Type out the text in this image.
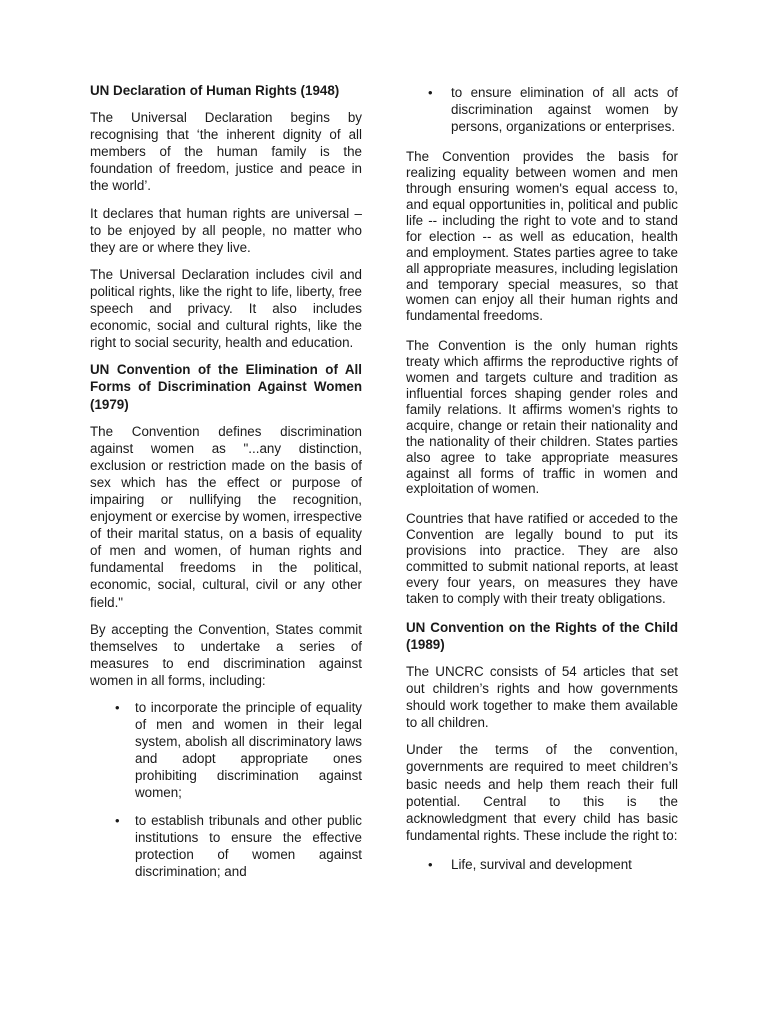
UN Declaration of Human Rights (1948)
The Universal Declaration begins by recognising that ‘the inherent dignity of all members of the human family is the foundation of freedom, justice and peace in the world’.
It declares that human rights are universal – to be enjoyed by all people, no matter who they are or where they live.
The Universal Declaration includes civil and political rights, like the right to life, liberty, free speech and privacy. It also includes economic, social and cultural rights, like the right to social security, health and education.
UN Convention of the Elimination of All Forms of Discrimination Against Women (1979)
The Convention defines discrimination against women as "...any distinction, exclusion or restriction made on the basis of sex which has the effect or purpose of impairing or nullifying the recognition, enjoyment or exercise by women, irrespective of their marital status, on a basis of equality of men and women, of human rights and fundamental freedoms in the political, economic, social, cultural, civil or any other field."
By accepting the Convention, States commit themselves to undertake a series of measures to end discrimination against women in all forms, including:
• to incorporate the principle of equality of men and women in their legal system, abolish all discriminatory laws and adopt appropriate ones prohibiting discrimination against women;
• to establish tribunals and other public institutions to ensure the effective protection of women against discrimination; and
• to ensure elimination of all acts of discrimination against women by persons, organizations or enterprises.
The Convention provides the basis for realizing equality between women and men through ensuring women's equal access to, and equal opportunities in, political and public life -- including the right to vote and to stand for election -- as well as education, health and employment. States parties agree to take all appropriate measures, including legislation and temporary special measures, so that women can enjoy all their human rights and fundamental freedoms.
The Convention is the only human rights treaty which affirms the reproductive rights of women and targets culture and tradition as influential forces shaping gender roles and family relations. It affirms women's rights to acquire, change or retain their nationality and the nationality of their children. States parties also agree to take appropriate measures against all forms of traffic in women and exploitation of women.
Countries that have ratified or acceded to the Convention are legally bound to put its provisions into practice. They are also committed to submit national reports, at least every four years, on measures they have taken to comply with their treaty obligations.
UN Convention on the Rights of the Child (1989)
The UNCRC consists of 54 articles that set out children’s rights and how governments should work together to make them available to all children.
Under the terms of the convention, governments are required to meet children’s basic needs and help them reach their full potential. Central to this is the acknowledgment that every child has basic fundamental rights. These include the right to:
• Life, survival and development
